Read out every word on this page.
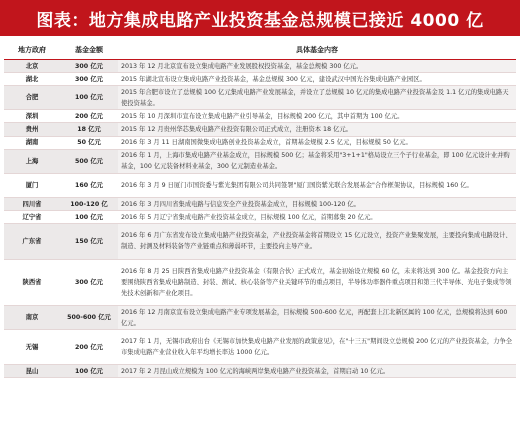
图表：地方集成电路产业投资基金总规模已接近 4000 亿
地方政府	基金金额	具体基金内容
北京	300 亿元	2013 年 12 月北京宣布设立集成电路产业发展股权投资基金，基金总规模 300 亿元。
湖北	300 亿元	2015 年湖北宣布设立集成电路产业投资基金，基金总规模 300 亿元，建设武汉中国光谷集成电路产业园区。
合肥	100 亿元	2015 年合肥市设立了总规模 100 亿元集成电路产业发展基金，并设立了总规模 10 亿元的集成电路产业投资基金及 1.1 亿元的集成电路天使投资基金。
深圳	200 亿元	2015 年 10 月深圳市宣布设立集成电路产业引导基金，目标规模 200 亿元，其中首期为 100 亿元。
贵州	18 亿元	2015 年 12 月贵州华芯集成电路产业投资有限公司正式成立，注册资本 18 亿元。
湖南	50 亿元	2016 年 3 月 11 日湖南国微集成电路创业投资基金成立，首期基金规模 2.5 亿元，目标规模 50 亿元。
上海	500 亿元	2016 年 1 月，上海市集成电路产业基金成立，目标规模 500 亿；基金将采用"3+1+1"格局设立三个子行业基金，即 100 亿元设计业并购基金，100 亿元装备材料业基金，300 亿元制造业基金。
厦门	160 亿元	2016 年 3 月 9 日厦门市国资委与紫光集团有限公司共同签署"厦门国资紫光联合发展基金"合作框架协议，目标规模 160 亿。
四川省	100-120 亿	2016 年 3 月四川省集成电路与信息安全产业投资基金成立，目标规模 100-120 亿。
辽宁省	100 亿元	2016 年 5 月辽宁省集成电路产业投资基金成立，目标规模 100 亿元，首期募集 20 亿元。
广东省	150 亿元	2016 年 6 月广东省发布设立集成电路产业投资基金，产业投资基金将首期设立 15 亿元设立，投资产业集聚发展，主要投向集成电路设计、制造、封测及材料装备等产业链重点和薄弱环节，主要投向主导产业。
陕西省	300 亿元	2016 年 8 月 25 日陕西省集成电路产业投资基金（有限合伙）正式成立，基金初始设立规模 60 亿，未来将达到 300 亿。基金投资方向主要围绕陕西省集成电路制造、封装、测试、核心装备等产业关键环节的重点项目，半导体功率器件重点项目和第三代半导体、光电子集成等领先技术创新和产业化项目。
南京	500-600 亿元	2016 年 12 月南京宣布设立集成电路产业专项发展基金，目标规模 500-600 亿元，再配套上江北新区属的 100 亿元，总规模将达到 600 亿元。
无锡	200 亿元	2017 年 1 月，无锡市政府出台《无锡市加快集成电路产业发展的政策意见》，在"十三五"期间设立总规模 200 亿元的产业投资基金，力争全市集成电路产业营业收入年平均增长率达 1000 亿元。
昆山	100 亿元	2017 年 2 月昆山成立规模为 100 亿元的海峡两岸集成电路产业投资基金，首期启动 10 亿元。
